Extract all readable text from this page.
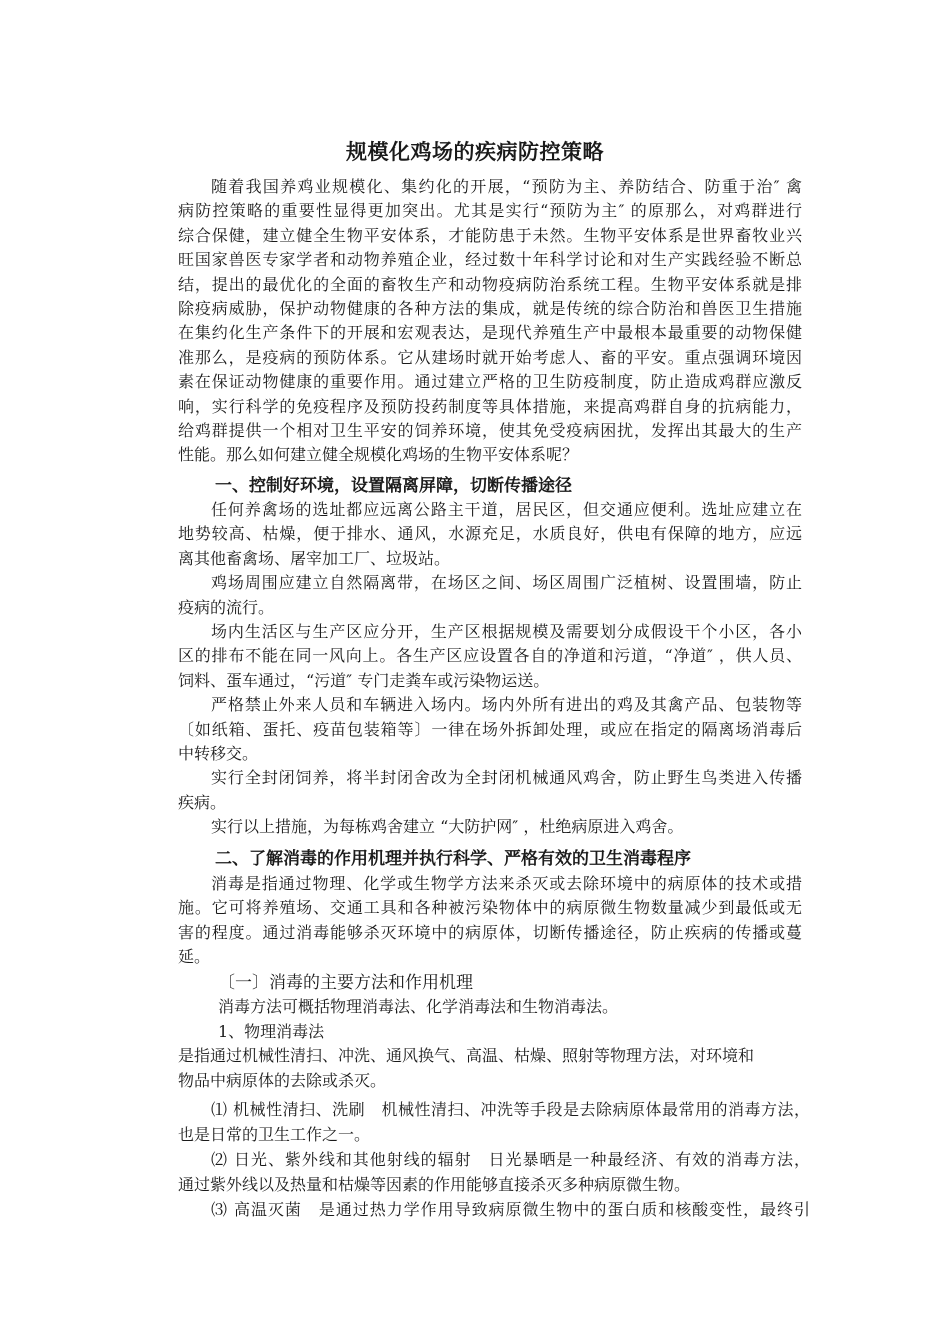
规模化鸡场的疾病防控策略
随着我国养鸡业规模化、集约化的开展，“预防为主、养防结合、防重于治″ 禽
病防控策略的重要性显得更加突出。尤其是实行“预防为主″ 的原那么，对鸡群进行
综合保健，建立健全生物平安体系，才能防患于未然。生物平安体系是世界畜牧业兴
旺国家兽医专家学者和动物养殖企业，经过数十年科学讨论和对生产实践经验不断总
结，提出的最优化的全面的畜牧生产和动物疫病防治系统工程。生物平安体系就是排
除疫病威胁，保护动物健康的各种方法的集成，就是传统的综合防治和兽医卫生措施
在集约化生产条件下的开展和宏观表达，是现代养殖生产中最根本最重要的动物保健
准那么，是疫病的预防体系。它从建场时就开始考虑人、畜的平安。重点强调环境因
素在保证动物健康的重要作用。通过建立严格的卫生防疫制度，防止造成鸡群应激反
响，实行科学的免疫程序及预防投药制度等具体措施，来提高鸡群自身的抗病能力，
给鸡群提供一个相对卫生平安的饲养环境，使其免受疫病困扰，发挥出其最大的生产
性能。那么如何建立健全规模化鸡场的生物平安体系呢？
一、控制好环境，设置隔离屏障，切断传播途径
任何养禽场的选址都应远离公路主干道，居民区，但交通应便利。选址应建立在
地势较高、枯燥，便于排水、通风，水源充足，水质良好，供电有保障的地方，应远
离其他畜禽场、屠宰加工厂、垃圾站。
鸡场周围应建立自然隔离带，在场区之间、场区周围广泛植树、设置围墙，防止
疫病的流行。
场内生活区与生产区应分开，生产区根据规模及需要划分成假设干个小区，各小
区的排布不能在同一风向上。各生产区应设置各自的净道和污道，“净道″ ，供人员、
饲料、蛋车通过，“污道″ 专门走粪车或污染物运送。
严格禁止外来人员和车辆进入场内。场内外所有进出的鸡及其禽产品、包装物等
〔如纸箱、蛋托、疫苗包装箱等〕一律在场外拆卸处理，或应在指定的隔离场消毒后
中转移交。
实行全封闭饲养，将半封闭舍改为全封闭机械通风鸡舍，防止野生鸟类进入传播
疾病。
实行以上措施，为每栋鸡舍建立 “大防护网″ ，杜绝病原进入鸡舍。
二、了解消毒的作用机理并执行科学、严格有效的卫生消毒程序
消毒是指通过物理、化学或生物学方法来杀灭或去除环境中的病原体的技术或措
施。它可将养殖场、交通工具和各种被污染物体中的病原微生物数量减少到最低或无
害的程度。通过消毒能够杀灭环境中的病原体，切断传播途径，防止疾病的传播或蔓
延。
〔一〕消毒的主要方法和作用机理
消毒方法可概括物理消毒法、化学消毒法和生物消毒法。
1、物理消毒法
是指通过机械性清扫、冲洗、通风换气、高温、枯燥、照射等物理方法，对环境和
物品中病原体的去除或杀灭。
⑴ 机械性清扫、洗刷　机械性清扫、冲洗等手段是去除病原体最常用的消毒方法，
也是日常的卫生工作之一。
⑵ 日光、紫外线和其他射线的辐射　日光暴晒是一种最经济、有效的消毒方法，
通过紫外线以及热量和枯燥等因素的作用能够直接杀灭多种病原微生物。
⑶ 高温灭菌　是通过热力学作用导致病原微生物中的蛋白质和核酸变性，最终引
